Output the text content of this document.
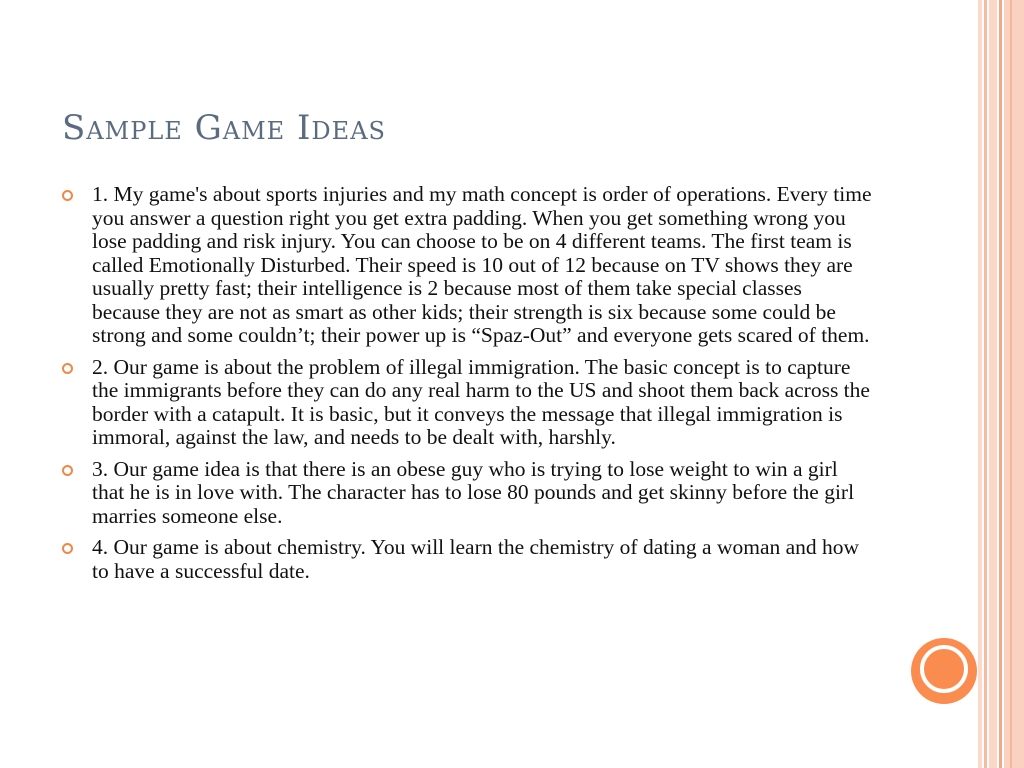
Sample Game Ideas
1. My game's about sports injuries and my math concept is order of operations. Every time you answer a question right you get extra padding. When you get something wrong you lose padding and risk injury. You can choose to be on 4 different teams. The first team is called Emotionally Disturbed. Their speed is 10 out of 12 because on TV shows they are usually pretty fast; their intelligence is 2 because most of them take special classes because they are not as smart as other kids; their strength is six because some could be strong and some couldn’t; their power up is “Spaz-Out” and everyone gets scared of them.
2. Our game is about the problem of illegal immigration. The basic concept is to capture the immigrants before they can do any real harm to the US and shoot them back across the border with a catapult. It is basic, but it conveys the message that illegal immigration is immoral, against the law, and needs to be dealt with, harshly.
3. Our game idea is that there is an obese guy who is trying to lose weight to win a girl that he is in love with. The character has to lose 80 pounds and get skinny before the girl marries someone else.
4. Our game is about chemistry. You will learn the chemistry of dating a woman and how to have a successful date.
